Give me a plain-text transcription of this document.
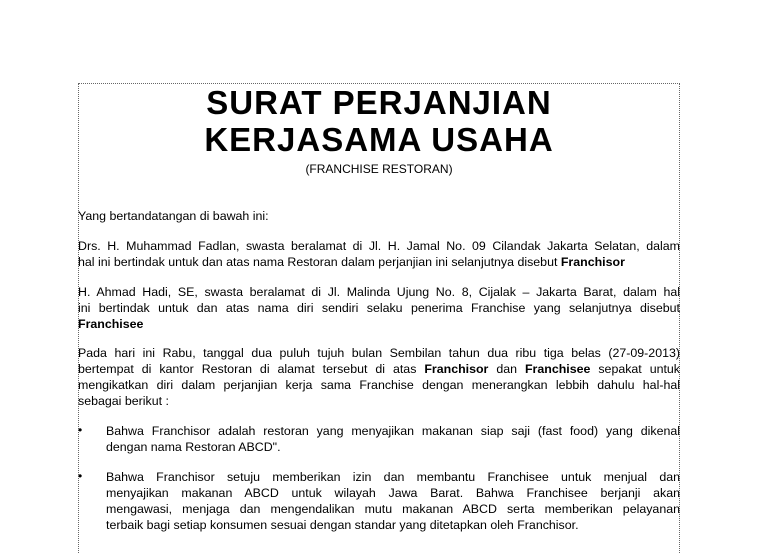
SURAT PERJANJIAN
KERJASAMA USAHA
(FRANCHISE RESTORAN)
Yang bertandatangan di bawah ini:
Drs. H. Muhammad Fadlan, swasta beralamat di Jl. H. Jamal No. 09 Cilandak Jakarta Selatan, dalam
hal ini bertindak untuk dan atas nama Restoran dalam perjanjian ini selanjutnya disebut Franchisor
H. Ahmad Hadi, SE, swasta beralamat di Jl. Malinda Ujung No. 8, Cijalak – Jakarta Barat, dalam hal
ini bertindak untuk dan atas nama diri sendiri selaku penerima Franchise yang selanjutnya disebut
Franchisee
Pada hari ini Rabu, tanggal dua puluh tujuh bulan Sembilan tahun dua ribu tiga belas (27-09-2013)
bertempat di kantor Restoran di alamat tersebut di atas Franchisor dan Franchisee sepakat untuk
mengikatkan diri dalam perjanjian kerja sama Franchise dengan menerangkan lebbih dahulu hal-hal
sebagai berikut :
• Bahwa Franchisor adalah restoran yang menyajikan makanan siap saji (fast food) yang dikenal
dengan nama Restoran ABCD".
• Bahwa Franchisor setuju memberikan izin dan membantu Franchisee untuk menjual dan
menyajikan makanan ABCD untuk wilayah Jawa Barat. Bahwa Franchisee berjanji akan
mengawasi, menjaga dan mengendalikan mutu makanan ABCD serta memberikan pelayanan
terbaik bagi setiap konsumen sesuai dengan standar yang ditetapkan oleh Franchisor.
